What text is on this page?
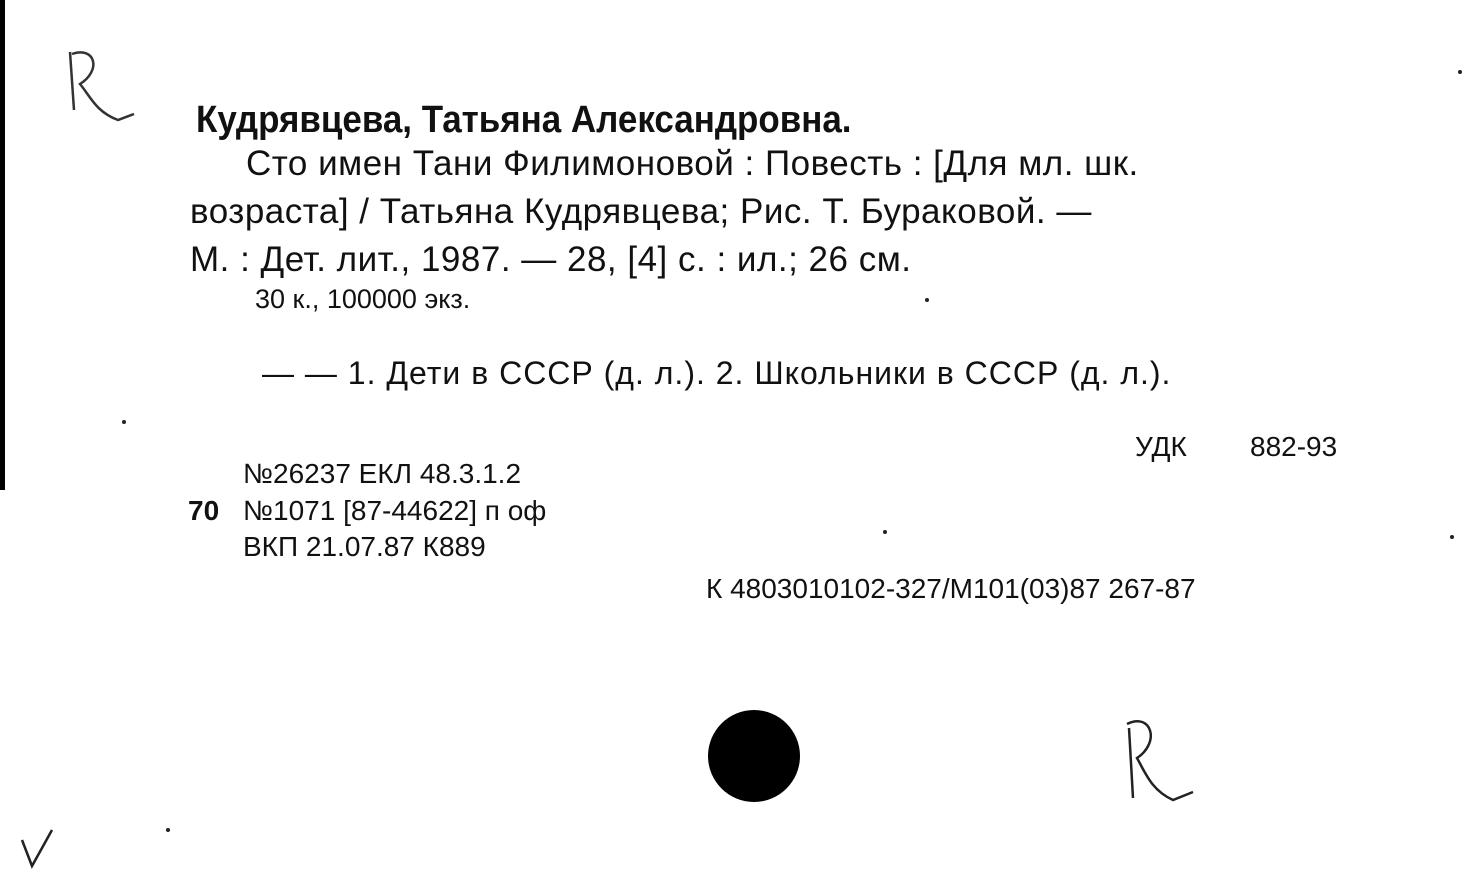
Кудрявцева, Татьяна Александровна.
Сто имен Тани Филимоновой : Повесть : [Для мл. шк.
возраста] / Татьяна Кудрявцева; Рис. Т. Бураковой. —
М. : Дет. лит., 1987. — 28, [4] с. : ил.; 26 см.
30 к., 100000 экз.
— — 1. Дети в СССР (д. л.). 2. Школьники в СССР (д. л.).
УДК 882-93
№26237 ЕКЛ 48.3.1.2
70 №1071 [87-44622] п оф
ВКП 21.07.87 К889
К 4803010102-327/М101(03)87 267-87
